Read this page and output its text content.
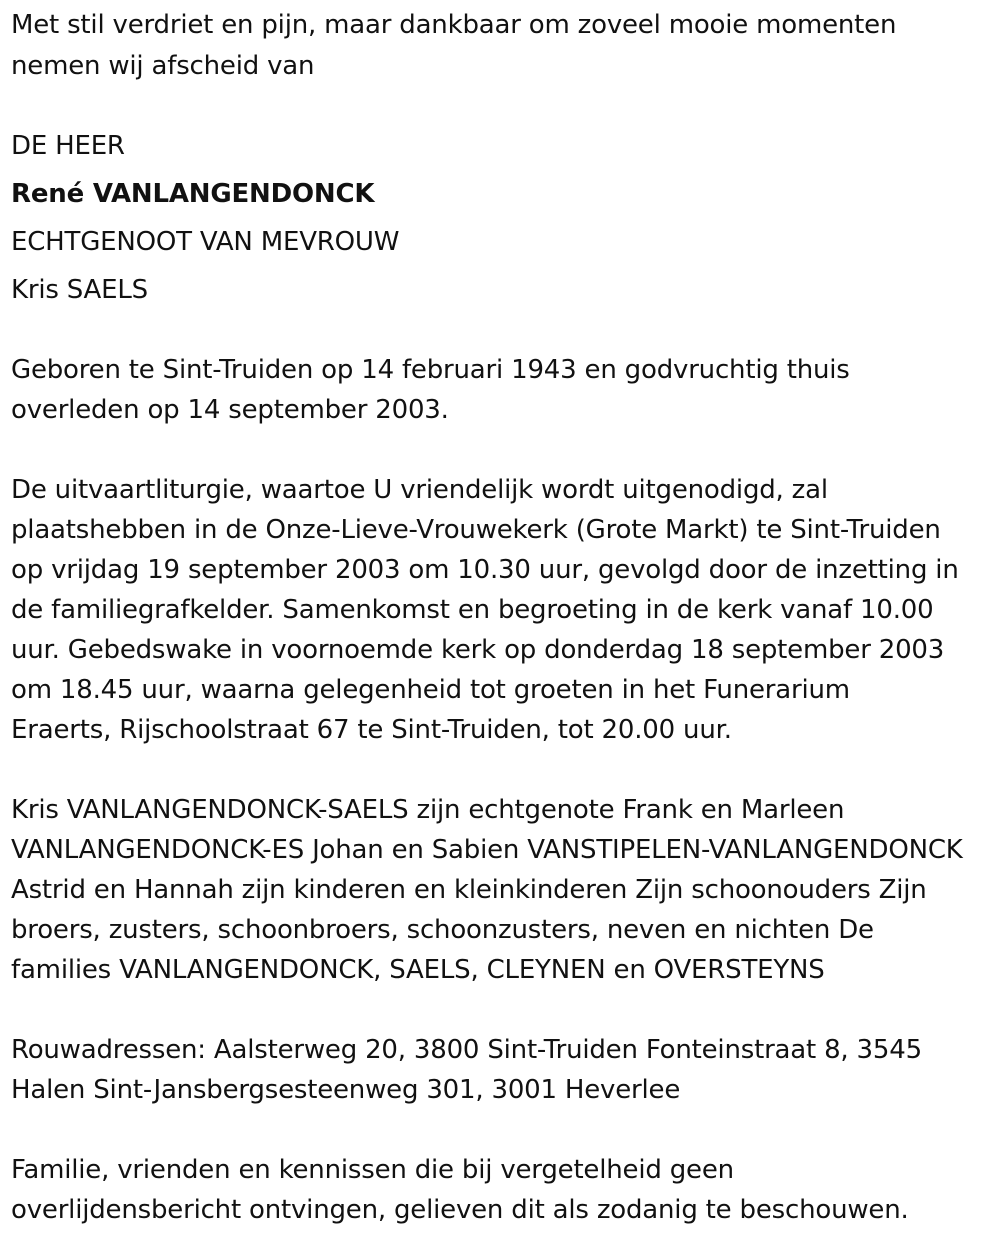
Met stil verdriet en pijn, maar dankbaar om zoveel mooie momenten
nemen wij afscheid van
DE HEER
René VANLANGENDONCK
ECHTGENOOT VAN MEVROUW
Kris SAELS
Geboren te Sint-Truiden op 14 februari 1943 en godvruchtig thuis
overleden op 14 september 2003.
De uitvaartliturgie, waartoe U vriendelijk wordt uitgenodigd, zal
plaatshebben in de Onze-Lieve-Vrouwekerk (Grote Markt) te Sint-Truiden
op vrijdag 19 september 2003 om 10.30 uur, gevolgd door de inzetting in
de familiegrafkelder. Samenkomst en begroeting in de kerk vanaf 10.00
uur. Gebedswake in voornoemde kerk op donderdag 18 september 2003
om 18.45 uur, waarna gelegenheid tot groeten in het Funerarium
Eraerts, Rijschoolstraat 67 te Sint-Truiden, tot 20.00 uur.
Kris VANLANGENDONCK-SAELS zijn echtgenote Frank en Marleen
VANLANGENDONCK-ES Johan en Sabien VANSTIPELEN-VANLANGENDONCK
Astrid en Hannah zijn kinderen en kleinkinderen Zijn schoonouders Zijn
broers, zusters, schoonbroers, schoonzusters, neven en nichten De
families VANLANGENDONCK, SAELS, CLEYNEN en OVERSTEYNS
Rouwadressen: Aalsterweg 20, 3800 Sint-Truiden Fonteinstraat 8, 3545
Halen Sint-Jansbergsesteenweg 301, 3001 Heverlee
Familie, vrienden en kennissen die bij vergetelheid geen
overlijdensbericht ontvingen, gelieven dit als zodanig te beschouwen.
